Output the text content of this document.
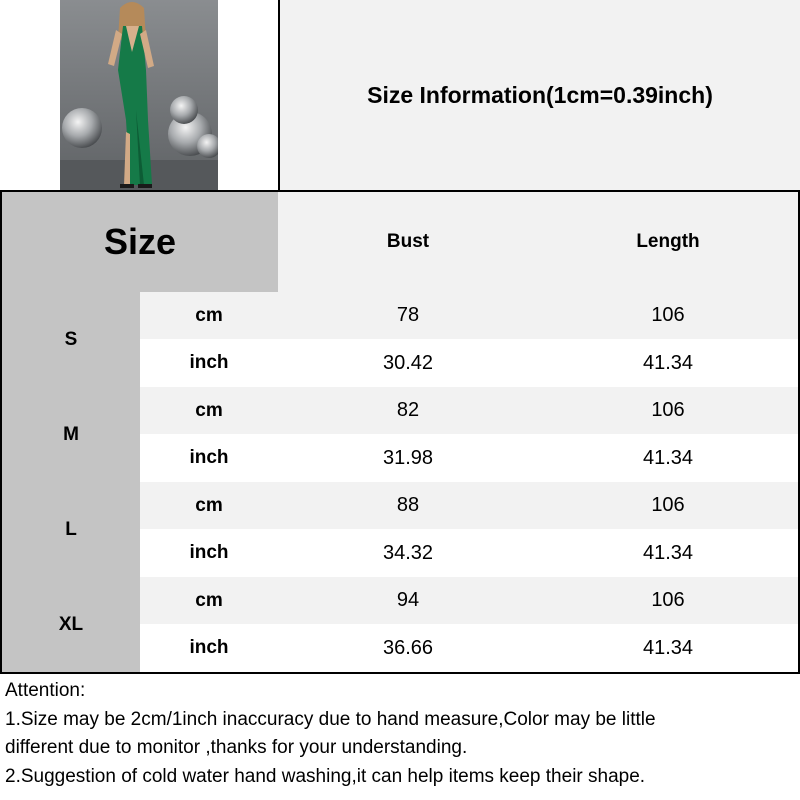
Size Information(1cm=0.39inch)
Size	Bust	Length
S
cm	78	106
inch	30.42	41.34
M
cm	82	106
inch	31.98	41.34
L
cm	88	106
inch	34.32	41.34
XL
cm	94	106
inch	36.66	41.34
Attention:
1.Size may be 2cm/1inch inaccuracy due to hand measure,Color may be little
different due to monitor ,thanks for your understanding.
2.Suggestion of cold water hand washing,it can help items keep their shape.
